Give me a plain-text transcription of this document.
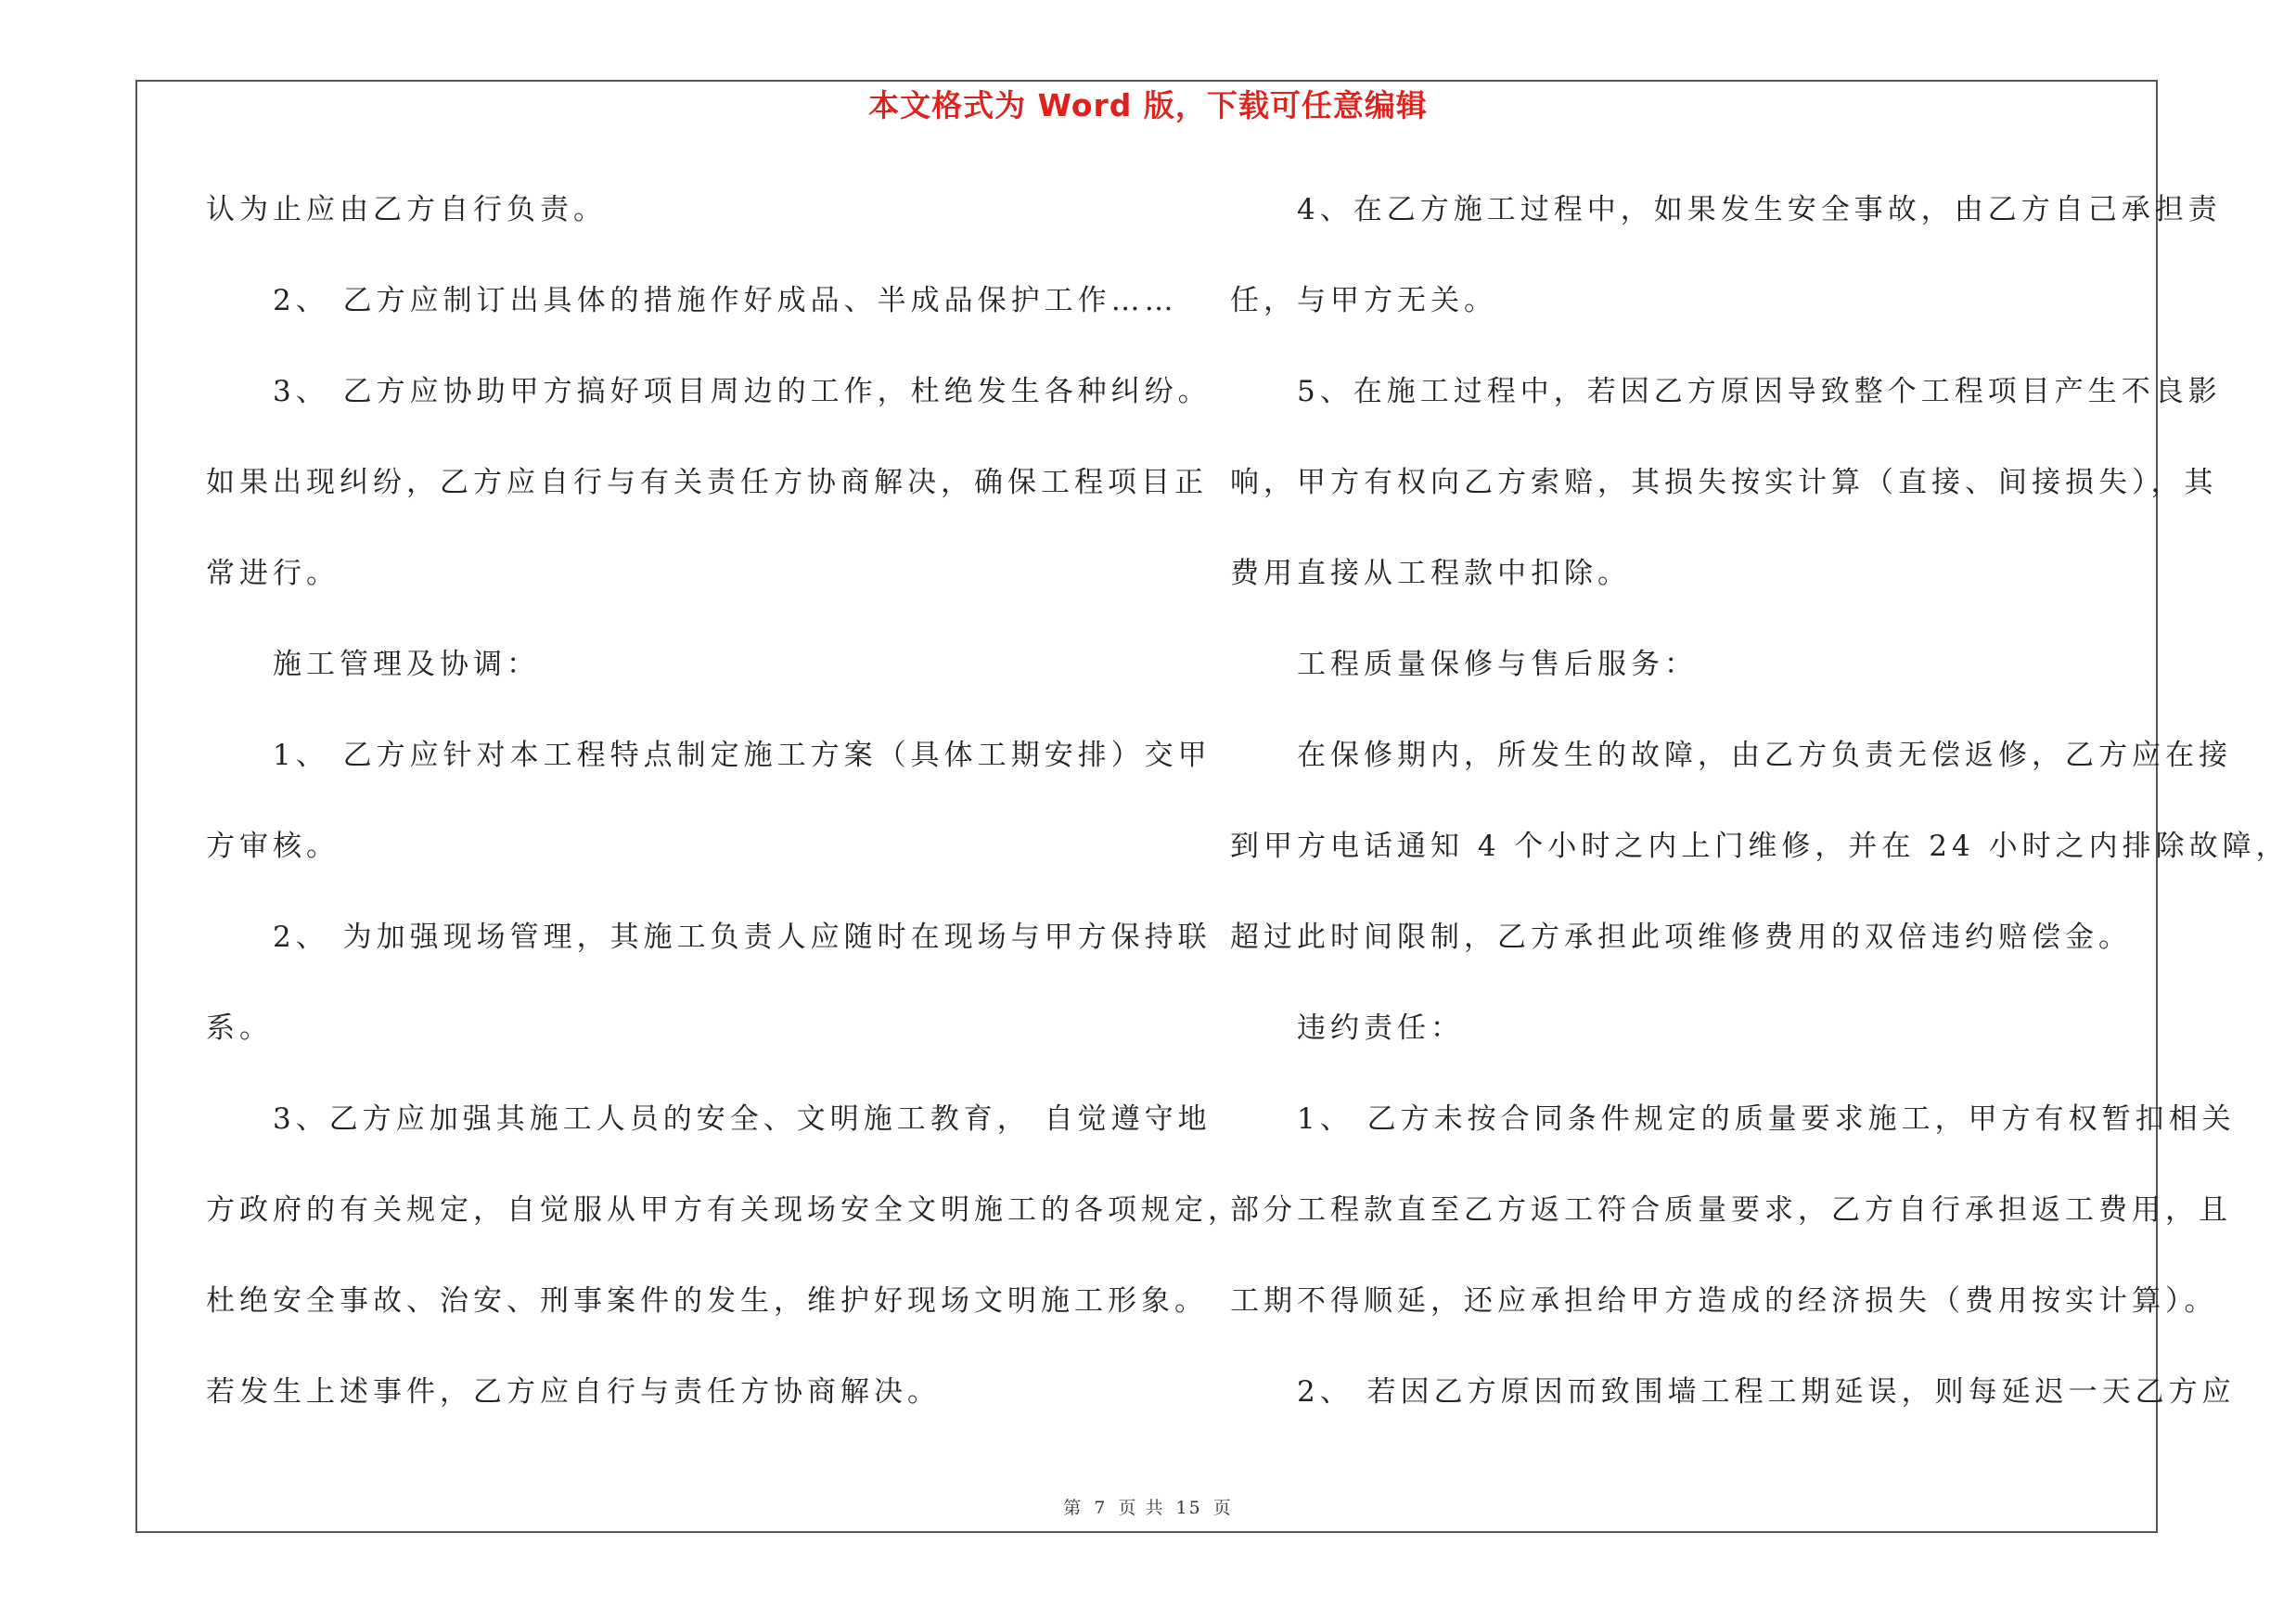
本文格式为 Word 版，下载可任意编辑
认为止应由乙方自行负责。
　　2、 乙方应制订出具体的措施作好成品、半成品保护工作……
　　3、 乙方应协助甲方搞好项目周边的工作，杜绝发生各种纠纷。
如果出现纠纷，乙方应自行与有关责任方协商解决，确保工程项目正
常进行。
　　施工管理及协调：
　　1、 乙方应针对本工程特点制定施工方案（具体工期安排）交甲
方审核。
　　2、 为加强现场管理，其施工负责人应随时在现场与甲方保持联
系。
　　3、乙方应加强其施工人员的安全、文明施工教育， 自觉遵守地
方政府的有关规定，自觉服从甲方有关现场安全文明施工的各项规定，
杜绝安全事故、治安、刑事案件的发生，维护好现场文明施工形象。
若发生上述事件，乙方应自行与责任方协商解决。
　　4、在乙方施工过程中，如果发生安全事故，由乙方自己承担责
任，与甲方无关。
　　5、在施工过程中，若因乙方原因导致整个工程项目产生不良影
响，甲方有权向乙方索赔，其损失按实计算（直接、间接损失），其
费用直接从工程款中扣除。
　　工程质量保修与售后服务：
　　在保修期内，所发生的故障，由乙方负责无偿返修，乙方应在接
到甲方电话通知 4 个小时之内上门维修，并在 24 小时之内排除故障，
超过此时间限制，乙方承担此项维修费用的双倍违约赔偿金。
　　违约责任：
　　1、 乙方未按合同条件规定的质量要求施工，甲方有权暂扣相关
部分工程款直至乙方返工符合质量要求，乙方自行承担返工费用，且
工期不得顺延，还应承担给甲方造成的经济损失（费用按实计算）。
　　2、 若因乙方原因而致围墙工程工期延误，则每延迟一天乙方应
第 7 页 共 15 页
